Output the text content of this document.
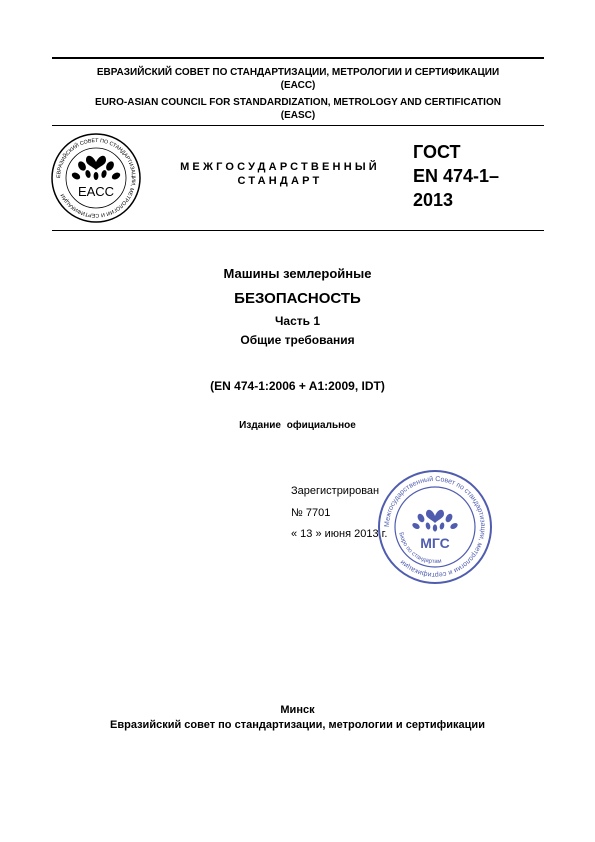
ЕВРАЗИЙСКИЙ СОВЕТ ПО СТАНДАРТИЗАЦИИ, МЕТРОЛОГИИ И СЕРТИФИКАЦИИ
(ЕАСС)
EURO-ASIAN COUNCIL FOR STANDARDIZATION, METROLOGY AND CERTIFICATION
(EASC)
ЕВРАЗИЙСКИЙ СОВЕТ ПО СТАНДАРТИЗАЦИИ, МЕТРОЛОГИИ И СЕРТИФИКАЦИИ EACC
МЕЖГОСУДАРСТВЕННЫЙ
СТАНДАРТ
ГОСТ
EN 474-1–
2013
Машины землеройные
БЕЗОПАСНОСТЬ
Часть 1
Общие требования
(EN 474-1:2006 + A1:2009, IDT)
Издание официальное
Зарегистрирован
№ 7701
« 13 » июня 2013 г.
Межгосударственный Совет по стандартизации, метрологии и сертификации
Бюро по стандартам
МГС
Минск
Евразийский совет по стандартизации, метрологии и сертификации
